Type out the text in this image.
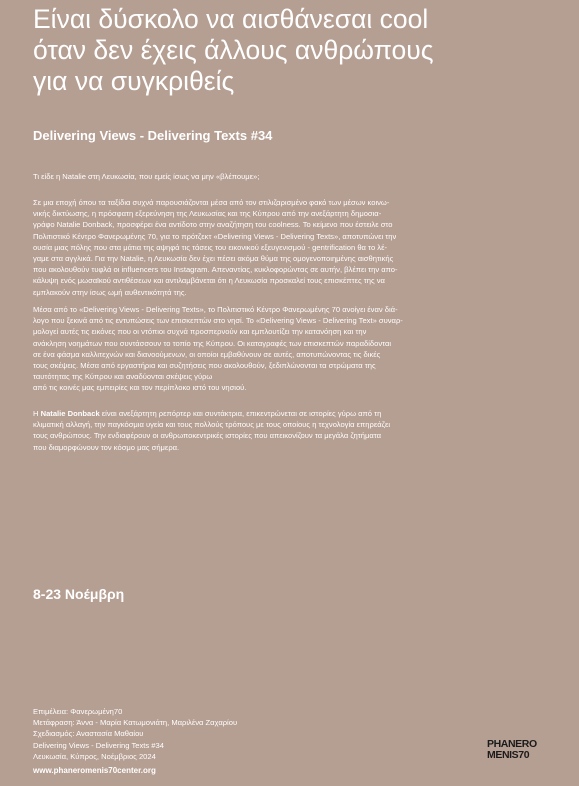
Είναι δύσκολο να αισθάνεσαι cool
όταν δεν έχεις άλλους ανθρώπους
για να συγκριθείς
Delivering Views - Delivering Texts #34

Τι είδε η Natalie στη Λευκωσία, που εμείς ίσως να μην «βλέπουμε»;

Σε μια εποχή όπου τα ταξίδια συχνά παρουσιάζονται μέσα από τον στιλιζαρισμένο φακό των μέσων κοινω-
νικής δικτύωσης, η πρόσφατη εξερεύνηση της Λευκωσίας και της Κύπρου από την ανεξάρτητη δημοσια-
γράφο Natalie Donback, προσφέρει ένα αντίδοτο στην αναζήτηση του coolness. Το κείμενο που έστειλε στο
Πολιτιστικό Κέντρο Φανερωμένης 70, για το πρότζεκτ «Delivering Views - Delivering Texts», αποτυπώνει την
ουσία μιας πόλης που στα μάτια της αψηφά τις τάσεις του εικονικού εξευγενισμού - gentrification θα το λέ-
γαμε στα αγγλικά. Για την Natalie, η Λευκωσία δεν έχει πέσει ακόμα θύμα της ομογενοποιημένης αισθητικής
που ακολουθούν τυφλά οι influencers του Instagram. Απεναντίας, κυκλοφορώντας σε αυτήν, βλέπει την απο-
κάλυψη ενός μωσαϊκού αντιθέσεων και αντιλαμβάνεται ότι η Λευκωσία προσκαλεί τους επισκέπτες της να
εμπλακούν στην ίσως ωμή αυθεντικότητά της.
Μέσα από το «Delivering Views - Delivering Texts», το Πολιτιστικό Κέντρο Φανερωμένης 70 ανοίγει έναν διά-
λογο που ξεκινά από τις εντυπώσεις των επισκεπτών στο νησί. Το «Delivering Views - Delivering Text» συναρ-
μολογεί αυτές τις εικόνες που οι ντόπιοι συχνά προσπερνούν και εμπλουτίζει την κατανόηση και την
ανάκληση νοημάτων που συντάσσουν το τοπίο της Κύπρου. Οι καταγραφές των επισκεπτών παραδίδονται
σε ένα φάσμα καλλιτεχνών και διανοούμενων, οι οποίοι εμβαθύνουν σε αυτές, αποτυπώνοντας τις δικές
τους σκέψεις. Μέσα από εργαστήρια και συζητήσεις που ακολουθούν, ξεδιπλώνονται τα στρώματα της
ταυτότητας της Κύπρου και αναδύονται σκέψεις γύρω
από τις κοινές μας εμπειρίες και τον περίπλοκο ιστό του νησιού.
Η Natalie Donback είναι ανεξάρτητη ρεπόρτερ και συντάκτρια, επικεντρώνεται σε ιστορίες γύρω από τη
κλιματική αλλαγή, την παγκόσμια υγεία και τους πολλούς τρόπους με τους οποίους η τεχνολογία επηρεάζει
τους ανθρώπους. Την ενδιαφέρουν οι ανθρωποκεντρικές ιστορίες που απεικονίζουν τα μεγάλα ζητήματα
που διαμορφώνουν τον κόσμο μας σήμερα.
8-23 Νοέμβρη
Επιμέλεια: Φανερωμένη70
Μετάφραση: Άννα - Μαρία Κατωμονιάτη, Μαριλένα Ζαχαρίου
Σχεδιασμός: Αναστασία Μαθαίου
Delivering Views - Delivering Texts #34
Λευκωσία, Κύπρος, Νοέμβριος 2024
www.phaneromenis70center.org
PHANERO
MENIS70
